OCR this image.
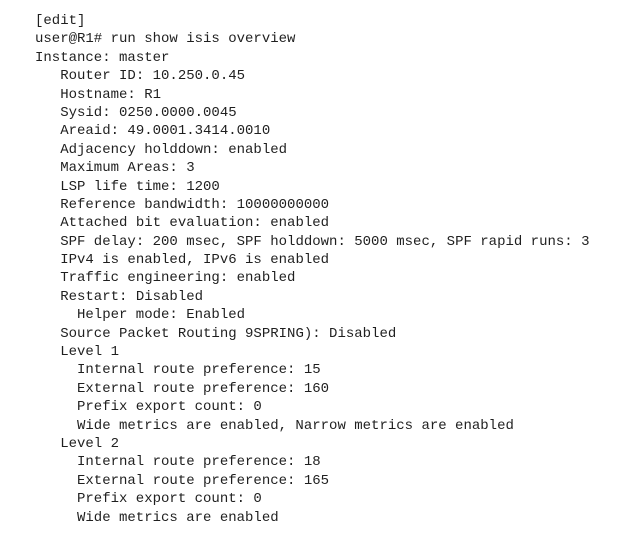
[edit]
user@R1# run show isis overview
Instance: master
Router ID: 10.250.0.45
Hostname: R1
Sysid: 0250.0000.0045
Areaid: 49.0001.3414.0010
Adjacency holddown: enabled
Maximum Areas: 3
LSP life time: 1200
Reference bandwidth: 10000000000
Attached bit evaluation: enabled
SPF delay: 200 msec, SPF holddown: 5000 msec, SPF rapid runs: 3
IPv4 is enabled, IPv6 is enabled
Traffic engineering: enabled
Restart: Disabled
Helper mode: Enabled
Source Packet Routing 9SPRING): Disabled
Level 1
Internal route preference: 15
External route preference: 160
Prefix export count: 0
Wide metrics are enabled, Narrow metrics are enabled
Level 2
Internal route preference: 18
External route preference: 165
Prefix export count: 0
Wide metrics are enabled
